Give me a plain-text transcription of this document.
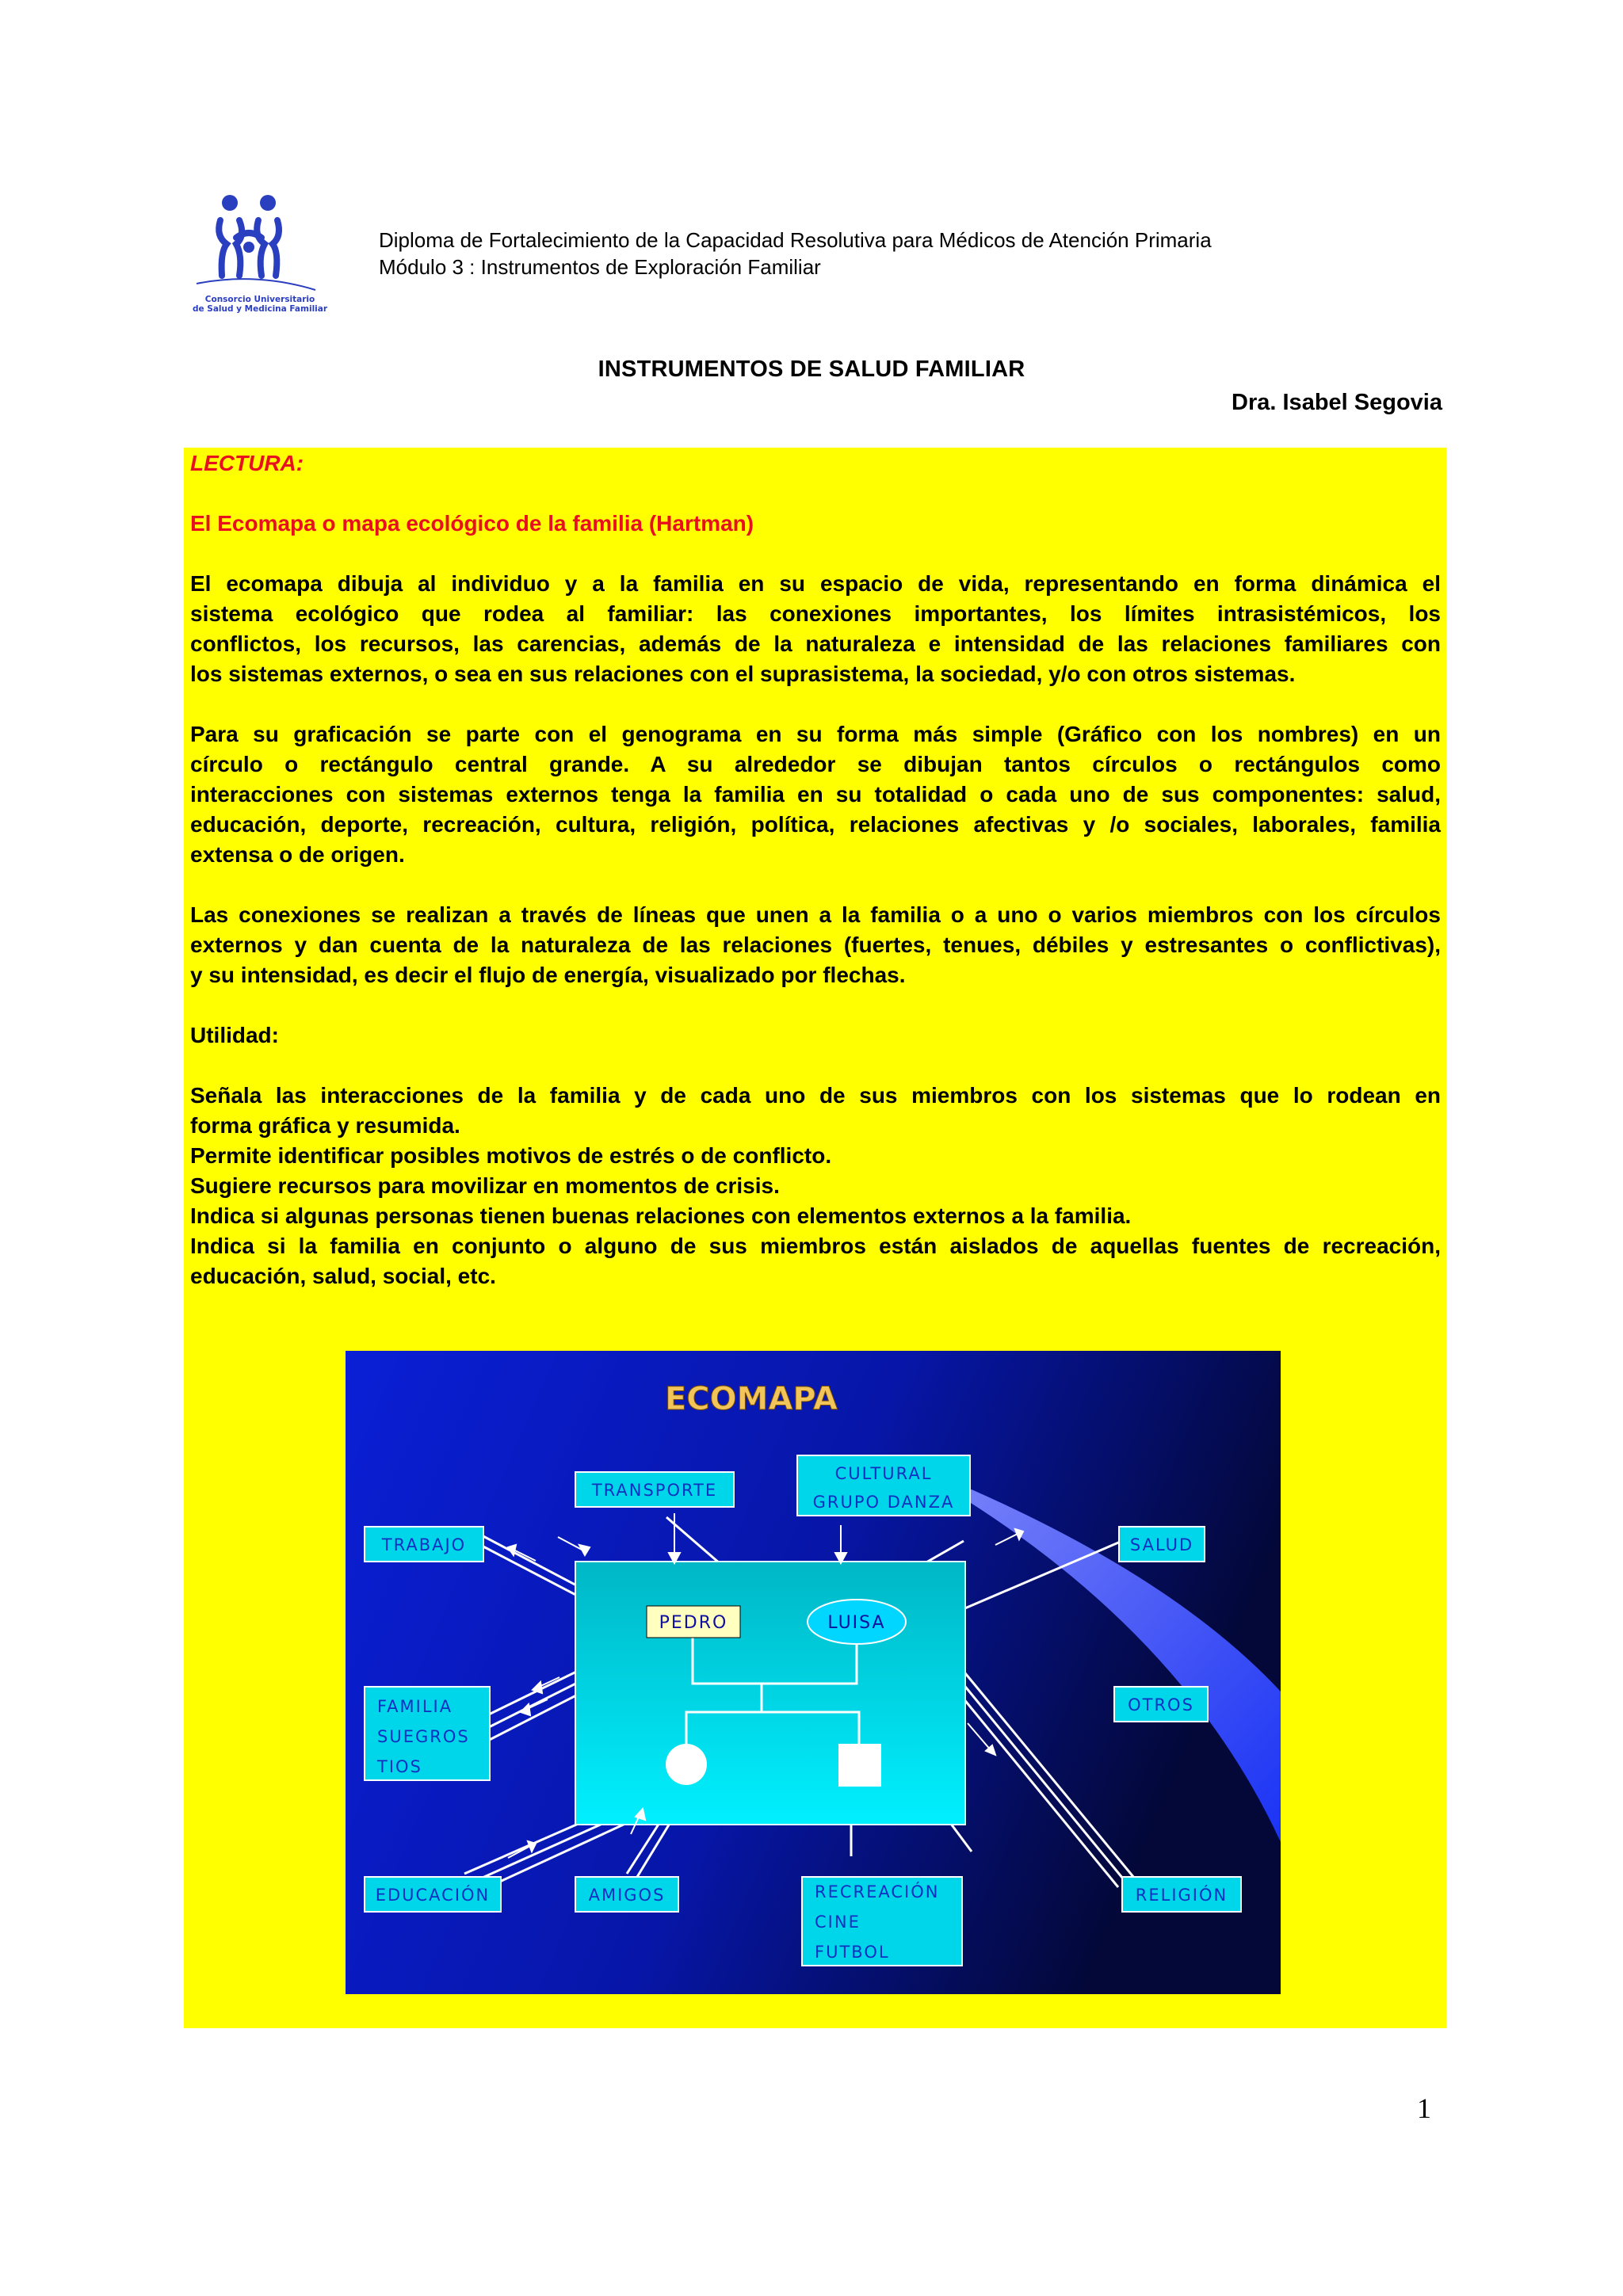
Consorcio Universitario
de Salud y Medicina Familiar
Diploma de Fortalecimiento de la Capacidad Resolutiva para Médicos de Atención Primaria
Módulo 3 : Instrumentos de Exploración Familiar
INSTRUMENTOS DE SALUD FAMILIAR
Dra. Isabel Segovia
LECTURA:
El Ecomapa o mapa ecológico de la familia (Hartman)
El ecomapa dibuja al individuo y a la familia en su espacio de vida, representando en forma dinámica el
sistema ecológico que rodea al familiar: las conexiones importantes, los límites intrasistémicos, los
conflictos, los recursos, las carencias, además de la naturaleza e intensidad de las relaciones familiares con
los sistemas externos, o sea en sus relaciones con el suprasistema, la sociedad, y/o con otros sistemas.
Para su graficación se parte con el genograma en su forma más simple (Gráfico con los nombres) en un
círculo o rectángulo central grande. A su alrededor se dibujan tantos círculos o rectángulos como
interacciones con sistemas externos tenga la familia en su totalidad o cada uno de sus componentes: salud,
educación, deporte, recreación, cultura, religión, política, relaciones afectivas y /o sociales, laborales, familia
extensa o de origen.
Las conexiones se realizan a través de líneas que unen a la familia o a uno o varios miembros con los círculos
externos y dan cuenta de la naturaleza de las relaciones (fuertes, tenues, débiles y estresantes o conflictivas),
y su intensidad, es decir el flujo de energía, visualizado por flechas.
Utilidad:
Señala las interacciones de la familia y de cada uno de sus miembros con los sistemas que lo rodean en
forma gráfica y resumida.
Permite identificar posibles motivos de estrés o de conflicto.
Sugiere recursos para movilizar en momentos de crisis.
Indica si algunas personas tienen buenas relaciones con elementos externos a la familia.
Indica si la familia en conjunto o alguno de sus miembros están aislados de aquellas fuentes de recreación,
educación, salud, social, etc.
ECOMAPA
PEDRO	LUISA
TRANSPORTE
CULTURAL
GRUPO DANZA
TRABAJO	SALUD
FAMILIA
SUEGROS
TIOS
OTROS
EDUCACIÓN	AMIGOS	RECREACIÓN
CINE
FUTBOL
RELIGIÓN
1
